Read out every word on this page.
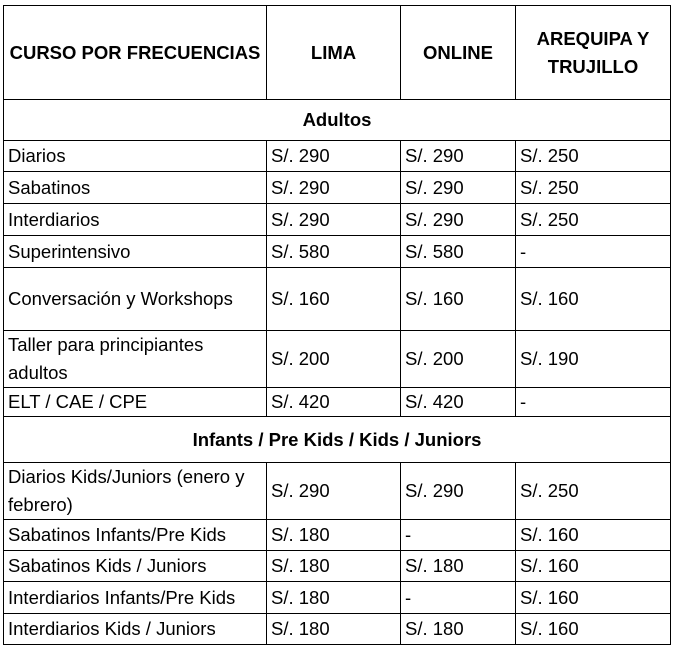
CURSO POR FRECUENCIAS	LIMA	ONLINE	AREQUIPA Y TRUJILLO
Adultos			
Diarios	S/. 290	S/. 290	S/. 250
Sabatinos	S/. 290	S/. 290	S/. 250
Interdiarios	S/. 290	S/. 290	S/. 250
Superintensivo	S/. 580	S/. 580	-
Conversación y Workshops	S/. 160	S/. 160	S/. 160
Taller para principiantes adultos	S/. 200	S/. 200	S/. 190
ELT / CAE / CPE	S/. 420	S/. 420	-
Infants / Pre Kids / Kids / Juniors			
Diarios Kids/Juniors (enero y febrero)	S/. 290	S/. 290	S/. 250
Sabatinos Infants/Pre Kids	S/. 180	-	S/. 160
Sabatinos Kids / Juniors	S/. 180	S/. 180	S/. 160
Interdiarios Infants/Pre Kids	S/. 180	-	S/. 160
Interdiarios Kids / Juniors	S/. 180	S/. 180	S/. 160
